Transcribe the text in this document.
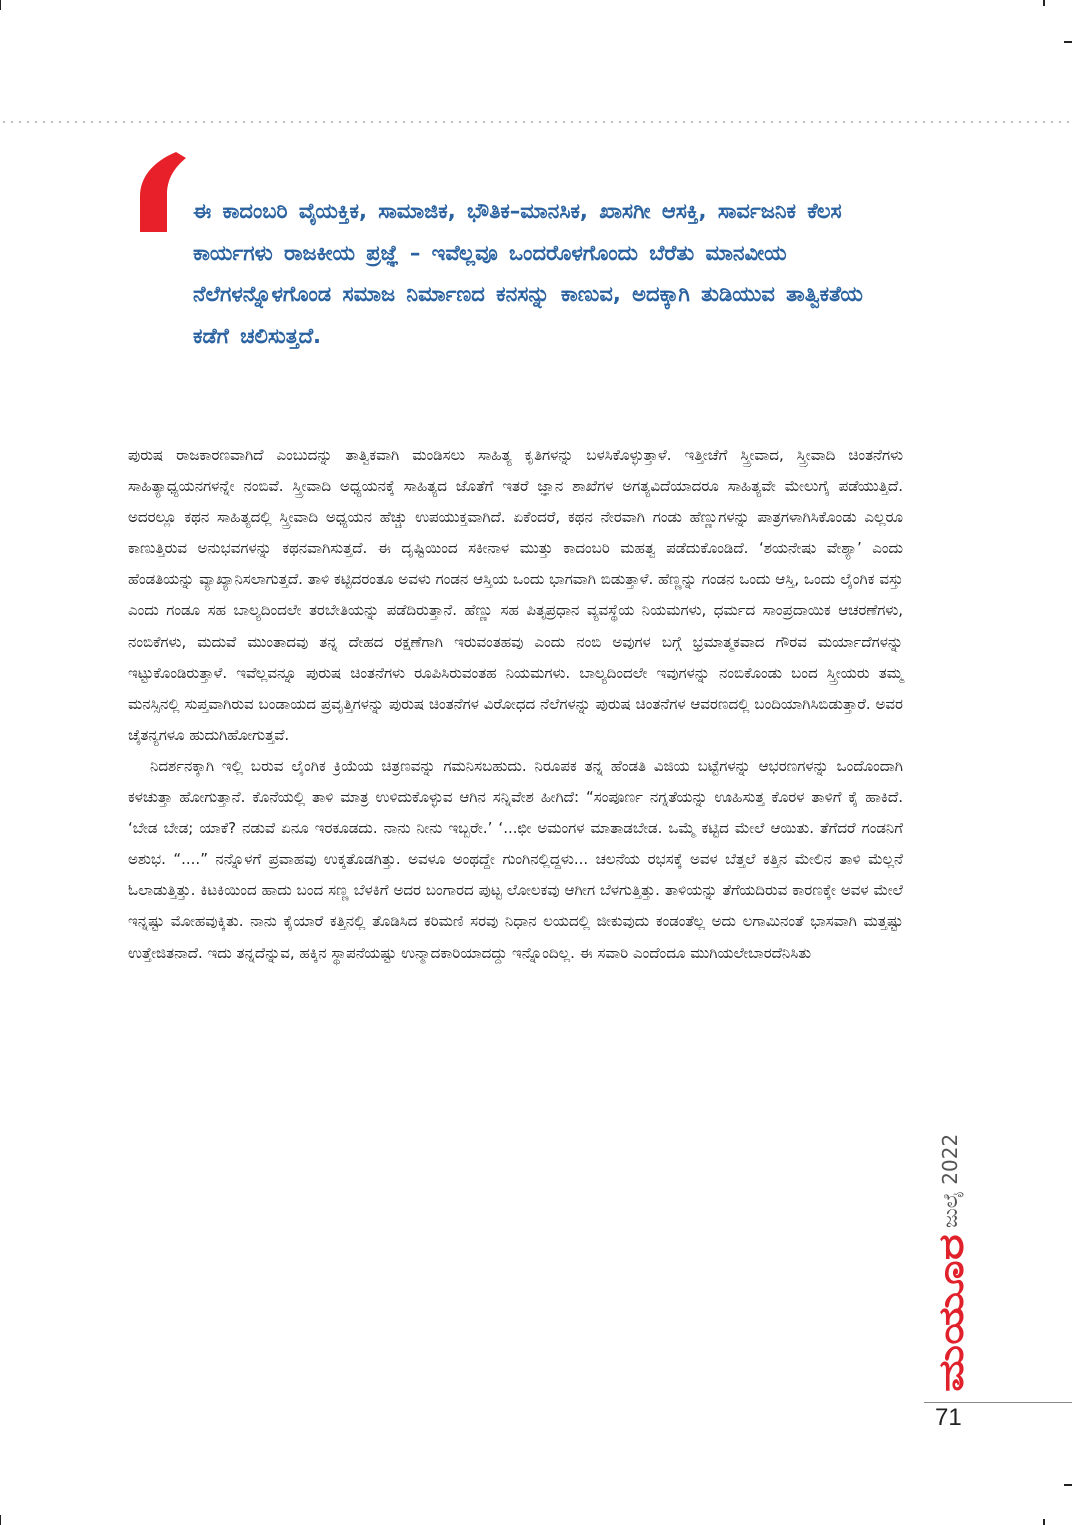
ಈ ಕಾದಂಬರಿ ವೈಯಕ್ತಿಕ, ಸಾಮಾಜಿಕ, ಭೌತಿಕ–ಮಾನಸಿಕ, ಖಾಸಗೀ ಆಸಕ್ತಿ, ಸಾರ್ವಜನಿಕ ಕೆಲಸ ಕಾರ್ಯಗಳು ರಾಜಕೀಯ ಪ್ರಜ್ಞೆ – ಇವೆಲ್ಲವೂ ಒಂದರೊಳಗೊಂದು ಬೆರೆತು ಮಾನವೀಯ ನೆಲೆಗಳನ್ನೊಳಗೊಂಡ ಸಮಾಜ ನಿರ್ಮಾಣದ ಕನಸನ್ನು ಕಾಣುವ, ಅದಕ್ಕಾಗಿ ತುಡಿಯುವ ತಾತ್ವಿಕತೆಯ ಕಡೆಗೆ ಚಲಿಸುತ್ತದೆ.

ಪುರುಷ ರಾಜಕಾರಣವಾಗಿದೆ ಎಂಬುದನ್ನು ತಾತ್ವಿಕವಾಗಿ ಮಂಡಿಸಲು ಸಾಹಿತ್ಯ ಕೃತಿಗಳನ್ನು ಬಳಸಿಕೊಳ್ಳುತ್ತಾಳೆ. ಇತ್ತೀಚೆಗೆ ಸ್ತ್ರೀವಾದ, ಸ್ತ್ರೀವಾದಿ ಚಿಂತನೆಗಳು ಸಾಹಿತ್ಯಾಧ್ಯಯನಗಳನ್ನೇ ನಂಬಿವೆ. ಸ್ತ್ರೀವಾದಿ ಅಧ್ಯಯನಕ್ಕೆ ಸಾಹಿತ್ಯದ ಜೊತೆಗೆ ಇತರೆ ಜ್ಞಾನ ಶಾಖೆಗಳ ಅಗತ್ಯವಿದೆಯಾದರೂ ಸಾಹಿತ್ಯವೇ ಮೇಲುಗೈ ಪಡೆಯುತ್ತಿದೆ. ಅದರಲ್ಲೂ ಕಥನ ಸಾಹಿತ್ಯದಲ್ಲಿ ಸ್ತ್ರೀವಾದಿ ಅಧ್ಯಯನ ಹೆಚ್ಚು ಉಪಯುಕ್ತವಾಗಿದೆ. ಏಕೆಂದರೆ, ಕಥನ ನೇರವಾಗಿ ಗಂಡು ಹೆಣ್ಣುಗಳನ್ನು ಪಾತ್ರಗಳಾಗಿಸಿಕೊಂಡು ಎಲ್ಲರೂ ಕಾಣುತ್ತಿರುವ ಅನುಭವಗಳನ್ನು ಕಥನವಾಗಿಸುತ್ತದೆ. ಈ ದೃಷ್ಟಿಯಿಂದ ಸಕೀನಾಳ ಮುತ್ತು ಕಾದಂಬರಿ ಮಹತ್ವ ಪಡೆದುಕೊಂಡಿದೆ. ‘ಶಯನೇಷು ವೇಶ್ಯಾ’ ಎಂದು ಹೆಂಡತಿಯನ್ನು ವ್ಯಾಖ್ಯಾನಿಸಲಾಗುತ್ತದೆ. ತಾಳಿ ಕಟ್ಟಿದರಂತೂ ಅವಳು ಗಂಡನ ಆಸ್ತಿಯ ಒಂದು ಭಾಗವಾಗಿ ಬಿಡುತ್ತಾಳೆ. ಹೆಣ್ಣನ್ನು ಗಂಡನ ಒಂದು ಆಸ್ತಿ, ಒಂದು ಲೈಂಗಿಕ ವಸ್ತು ಎಂದು ಗಂಡೂ ಸಹ ಬಾಲ್ಯದಿಂದಲೇ ತರಬೇತಿಯನ್ನು ಪಡೆದಿರುತ್ತಾನೆ. ಹೆಣ್ಣು ಸಹ ಪಿತೃಪ್ರಧಾನ ವ್ಯವಸ್ಥೆಯ ನಿಯಮಗಳು, ಧರ್ಮದ ಸಾಂಪ್ರದಾಯಿಕ ಆಚರಣೆಗಳು, ನಂಬಿಕೆಗಳು, ಮದುವೆ ಮುಂತಾದವು ತನ್ನ ದೇಹದ ರಕ್ಷಣೆಗಾಗಿ ಇರುವಂತಹವು ಎಂದು ನಂಬಿ ಅವುಗಳ ಬಗ್ಗೆ ಭ್ರಮಾತ್ಮಕವಾದ ಗೌರವ ಮರ್ಯಾದೆಗಳನ್ನು ಇಟ್ಟುಕೊಂಡಿರುತ್ತಾಳೆ. ಇವೆಲ್ಲವನ್ನೂ ಪುರುಷ ಚಿಂತನೆಗಳು ರೂಪಿಸಿರುವಂತಹ ನಿಯಮಗಳು. ಬಾಲ್ಯದಿಂದಲೇ ಇವುಗಳನ್ನು ನಂಬಿಕೊಂಡು ಬಂದ ಸ್ತ್ರೀಯರು ತಮ್ಮ ಮನಸ್ಸಿನಲ್ಲಿ ಸುಪ್ತವಾಗಿರುವ ಬಂಡಾಯದ ಪ್ರವೃತ್ತಿಗಳನ್ನು ಪುರುಷ ಚಿಂತನೆಗಳ ವಿರೋಧದ ನೆಲೆಗಳನ್ನು ಪುರುಷ ಚಿಂತನೆಗಳ ಆವರಣದಲ್ಲಿ ಬಂದಿಯಾಗಿಸಿಬಿಡುತ್ತಾರೆ. ಅವರ ಚೈತನ್ಯಗಳೂ ಹುದುಗಿಹೋಗುತ್ತವೆ.

ನಿದರ್ಶನಕ್ಕಾಗಿ ಇಲ್ಲಿ ಬರುವ ಲೈಂಗಿಕ ಕ್ರಿಯೆಯ ಚಿತ್ರಣವನ್ನು ಗಮನಿಸಬಹುದು. ನಿರೂಪಕ ತನ್ನ ಹೆಂಡತಿ ವಿಜಿಯ ಬಟ್ಟೆಗಳನ್ನು ಆಭರಣಗಳನ್ನು ಒಂದೊಂದಾಗಿ ಕಳಚುತ್ತಾ ಹೋಗುತ್ತಾನೆ. ಕೊನೆಯಲ್ಲಿ ತಾಳಿ ಮಾತ್ರ ಉಳಿದುಕೊಳ್ಳುವ ಆಗಿನ ಸನ್ನಿವೇಶ ಹೀಗಿದೆ: “ಸಂಪೂರ್ಣ ನಗ್ನತೆಯನ್ನು ಊಹಿಸುತ್ತ ಕೊರಳ ತಾಳಿಗೆ ಕೈ ಹಾಕಿದೆ. ‘ಬೇಡ ಬೇಡ; ಯಾಕೆ? ನಡುವೆ ಏನೂ ಇರಕೂಡದು. ನಾನು ನೀನು ಇಬ್ಬರೇ.’ ‘...ಛೀ ಅಮಂಗಳ ಮಾತಾಡಬೇಡ. ಒಮ್ಮೆ ಕಟ್ಟಿದ ಮೇಲೆ ಆಯಿತು. ತೆಗೆದರೆ ಗಂಡನಿಗೆ ಅಶುಭ. “....” ನನ್ನೊಳಗೆ ಪ್ರವಾಹವು ಉಕ್ಕತೊಡಗಿತ್ತು. ಅವಳೂ ಅಂಥದ್ದೇ ಗುಂಗಿನಲ್ಲಿದ್ದಳು... ಚಲನೆಯ ರಭಸಕ್ಕೆ ಅವಳ ಬೆತ್ತಲೆ ಕತ್ತಿನ ಮೇಲಿನ ತಾಳಿ ಮೆಲ್ಲನೆ ಓಲಾಡುತ್ತಿತ್ತು. ಕಿಟಕಿಯಿಂದ ಹಾದು ಬಂದ ಸಣ್ಣ ಬೆಳಕಿಗೆ ಅದರ ಬಂಗಾರದ ಪುಟ್ಟ ಲೋಲಕವು ಆಗೀಗ ಬೆಳಗುತ್ತಿತ್ತು. ತಾಳಿಯನ್ನು ತೆಗೆಯದಿರುವ ಕಾರಣಕ್ಕೇ ಅವಳ ಮೇಲೆ ಇನ್ನಷ್ಟು ಮೋಹವುಕ್ಕಿತು. ನಾನು ಕೈಯಾರೆ ಕತ್ತಿನಲ್ಲಿ ತೊಡಿಸಿದ ಕರಿಮಣಿ ಸರವು ನಿಧಾನ ಲಯದಲ್ಲಿ ಜೀಕುವುದು ಕಂಡಂತೆಲ್ಲ ಅದು ಲಗಾಮಿನಂತೆ ಭಾಸವಾಗಿ ಮತ್ತಷ್ಟು ಉತ್ತೇಜಿತನಾದೆ. ಇದು ತನ್ನದೆನ್ನುವ, ಹಕ್ಕಿನ ಸ್ಥಾಪನೆಯಷ್ಟು ಉನ್ಮಾದಕಾರಿಯಾದದ್ದು ಇನ್ನೊಂದಿಲ್ಲ. ಈ ಸವಾರಿ ಎಂದೆಂದೂ ಮುಗಿಯಲೇಬಾರದೆನಿಸಿತು

ಜುಲೈ 2022
ಮಯೂರ
71
